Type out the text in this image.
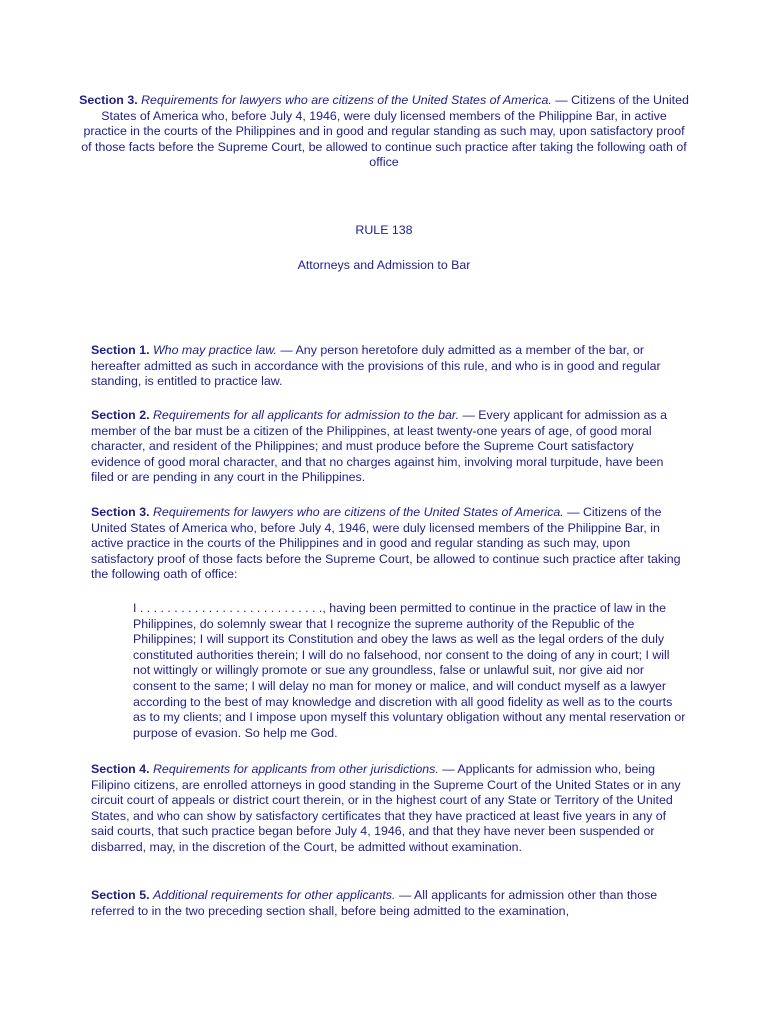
Section 3. Requirements for lawyers who are citizens of the United States of America. — Citizens of the United States of America who, before July 4, 1946, were duly licensed members of the Philippine Bar, in active practice in the courts of the Philippines and in good and regular standing as such may, upon satisfactory proof of those facts before the Supreme Court, be allowed to continue such practice after taking the following oath of office

RULE 138

Attorneys and Admission to Bar

Section 1. Who may practice law. — Any person heretofore duly admitted as a member of the bar, or hereafter admitted as such in accordance with the provisions of this rule, and who is in good and regular standing, is entitled to practice law.

Section 2. Requirements for all applicants for admission to the bar. — Every applicant for admission as a member of the bar must be a citizen of the Philippines, at least twenty-one years of age, of good moral character, and resident of the Philippines; and must produce before the Supreme Court satisfactory evidence of good moral character, and that no charges against him, involving moral turpitude, have been filed or are pending in any court in the Philippines.

Section 3. Requirements for lawyers who are citizens of the United States of America. — Citizens of the United States of America who, before July 4, 1946, were duly licensed members of the Philippine Bar, in active practice in the courts of the Philippines and in good and regular standing as such may, upon satisfactory proof of those facts before the Supreme Court, be allowed to continue such practice after taking the following oath of office:

I . . . . . . . . . . . . . . . . . . . . . . . . . . ., having been permitted to continue in the practice of law in the Philippines, do solemnly swear that I recognize the supreme authority of the Republic of the Philippines; I will support its Constitution and obey the laws as well as the legal orders of the duly constituted authorities therein; I will do no falsehood, nor consent to the doing of any in court; I will not wittingly or willingly promote or sue any groundless, false or unlawful suit, nor give aid nor consent to the same; I will delay no man for money or malice, and will conduct myself as a lawyer according to the best of may knowledge and discretion with all good fidelity as well as to the courts as to my clients; and I impose upon myself this voluntary obligation without any mental reservation or purpose of evasion. So help me God.

Section 4. Requirements for applicants from other jurisdictions. — Applicants for admission who, being Filipino citizens, are enrolled attorneys in good standing in the Supreme Court of the United States or in any circuit court of appeals or district court therein, or in the highest court of any State or Territory of the United States, and who can show by satisfactory certificates that they have practiced at least five years in any of said courts, that such practice began before July 4, 1946, and that they have never been suspended or disbarred, may, in the discretion of the Court, be admitted without examination.

Section 5. Additional requirements for other applicants. — All applicants for admission other than those referred to in the two preceding section shall, before being admitted to the examination,
